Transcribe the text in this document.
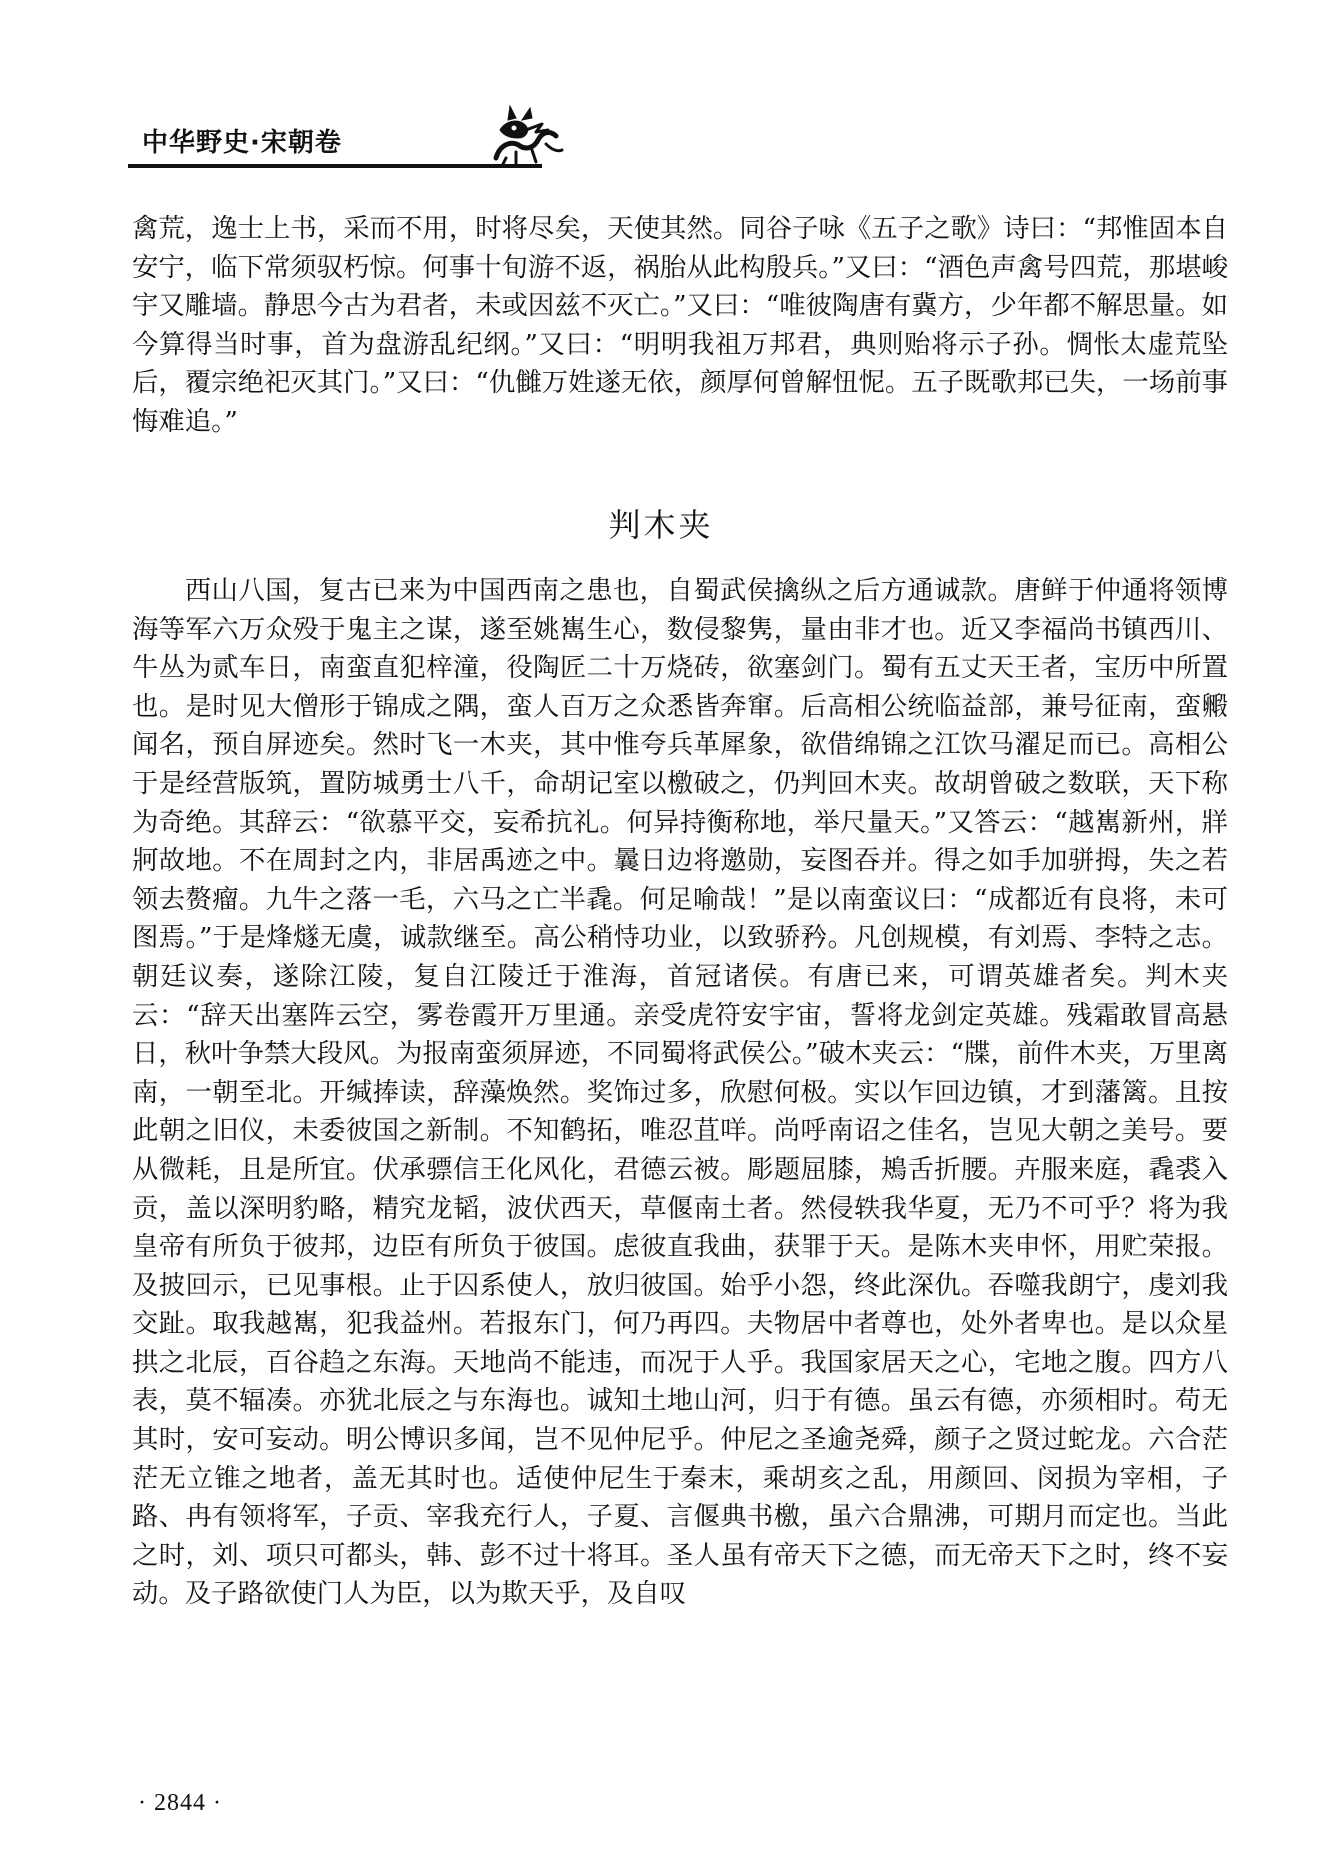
中华野史·宋朝卷

禽荒，逸士上书，采而不用，时将尽矣，天使其然。同谷子咏《五子之歌》诗曰：“邦惟固本自安宁，临下常须驭朽惊。何事十旬游不返，祸胎从此构殷兵。”又曰：“酒色声禽号四荒，那堪峻宇又雕墙。静思今古为君者，未或因兹不灭亡。”又曰：“唯彼陶唐有冀方，少年都不解思量。如今算得当时事，首为盘游乱纪纲。”又曰：“明明我祖万邦君，典则贻将示子孙。惆怅太虚荒坠后，覆宗绝祀灭其门。”又曰：“仇雠万姓遂无依，颜厚何曾解忸怩。五子既歌邦已失，一场前事悔难追。”

判木夹

西山八国，复古已来为中国西南之患也，自蜀武侯擒纵之后方通诚款。唐鲜于仲通将领博海等军六万众殁于鬼主之谋，遂至姚嶲生心，数侵黎隽，量由非才也。近又李福尚书镇西川、牛丛为贰车日，南蛮直犯梓潼，役陶匠二十万烧砖，欲塞剑门。蜀有五丈天王者，宝历中所置也。是时见大僧形于锦成之隅，蛮人百万之众悉皆奔窜。后高相公统临益部，兼号征南，蛮毈闻名，预自屏迹矣。然时飞一木夹，其中惟夸兵革犀象，欲借绵锦之江饮马濯足而已。高相公于是经营版筑，置防城勇士八千，命胡记室以檄破之，仍判回木夹。故胡曾破之数联，天下称为奇绝。其辞云：“欲慕平交，妄希抗礼。何异持衡称地，举尺量天。”又答云：“越嶲新州，牂牁故地。不在周封之内，非居禹迹之中。曩日边将邀勋，妄图吞并。得之如手加骈拇，失之若领去赘瘤。九牛之落一毛，六马之亡半毳。何足喻哉！”是以南蛮议曰：“成都近有良将，未可图焉。”于是烽燧无虞，诚款继至。高公稍恃功业，以致骄矜。凡创规模，有刘焉、李特之志。朝廷议奏，遂除江陵，复自江陵迁于淮海，首冠诸侯。有唐已来，可谓英雄者矣。判木夹云：“辞天出塞阵云空，雾卷霞开万里通。亲受虎符安宇宙，誓将龙剑定英雄。残霜敢冒高悬日，秋叶争禁大段风。为报南蛮须屏迹，不同蜀将武侯公。”破木夹云：“牒，前件木夹，万里离南，一朝至北。开缄捧读，辞藻焕然。奖饰过多，欣慰何极。实以乍回边镇，才到藩篱。且按此朝之旧仪，未委彼国之新制。不知鹤拓，唯忍苴咩。尚呼南诏之佳名，岂见大朝之美号。要从微耗，且是所宜。伏承骠信王化风化，君德云被。彫题屈膝，鴂舌折腰。卉服来庭，毳裘入贡，盖以深明豹略，精究龙韬，波伏西天，草偃南土者。然侵轶我华夏，无乃不可乎？将为我皇帝有所负于彼邦，边臣有所负于彼国。虑彼直我曲，获罪于天。是陈木夹申怀，用贮荣报。及披回示，已见事根。止于囚系使人，放归彼国。始乎小怨，终此深仇。吞噬我朗宁，虔刘我交趾。取我越嶲，犯我益州。若报东门，何乃再四。夫物居中者尊也，处外者卑也。是以众星拱之北辰，百谷趋之东海。天地尚不能违，而况于人乎。我国家居天之心，宅地之腹。四方八表，莫不辐凑。亦犹北辰之与东海也。诚知土地山河，归于有德。虽云有德，亦须相时。苟无其时，安可妄动。明公博识多闻，岂不见仲尼乎。仲尼之圣逾尧舜，颜子之贤过蛇龙。六合茫茫无立锥之地者，盖无其时也。适使仲尼生于秦末，乘胡亥之乱，用颜回、闵损为宰相，子路、冉有领将军，子贡、宰我充行人，子夏、言偃典书檄，虽六合鼎沸，可期月而定也。当此之时，刘、项只可都头，韩、彭不过十将耳。圣人虽有帝天下之德，而无帝天下之时，终不妄动。及子路欲使门人为臣，以为欺天乎，及自叹

· 2844 ·
